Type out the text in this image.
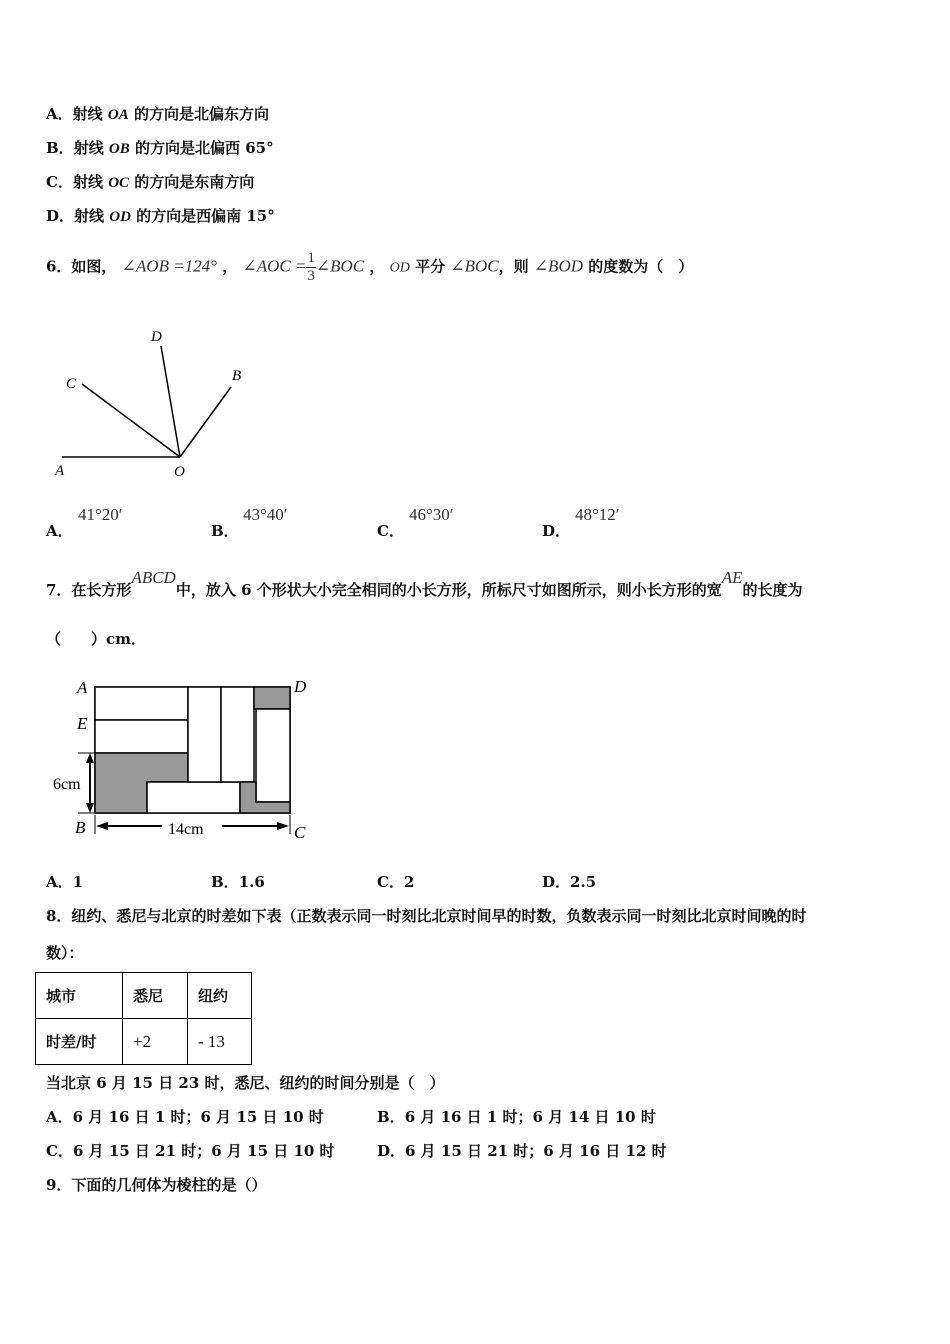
A．射线 OA 的方向是北偏东方向
B．射线 OB 的方向是北偏西 65°
C．射线 OC 的方向是东南方向
D．射线 OD 的方向是西偏南 15°
6．如图， ∠AOB =124° ， ∠AOC = $\frac{1}{3}$ ∠BOC ， OD 平分 ∠BOC，则 ∠BOD 的度数为（　）
A	O
C
D
B
A．
41°20′
B．
43°40′
C．
46°30′
D．
48°12′
7．在长方形ABCD中，放入 6 个形状大小完全相同的小长方形，所标尺寸如图所示，则小长方形的宽AE的长度为
（　　）cm．
6cm
14cm
A
E
D
B	C
A．1	B．1.6	C．2	D．2.5
8．纽约、悉尼与北京的时差如下表（正数表示同一时刻比北京时间早的时数，负数表示同一时刻比北京时间晚的时
数）：
城市	悉尼	纽约
时差/时	+2	- 13
当北京 6 月 15 日 23 时，悉尼、纽约的时间分别是（　）
A．6 月 16 日 1 时；6 月 15 日 10 时	B．6 月 16 日 1 时；6 月 14 日 10 时
C．6 月 15 日 21 时；6 月 15 日 10 时	D．6 月 15 日 21 时；6 月 16 日 12 时
9．下面的几何体为棱柱的是（）
